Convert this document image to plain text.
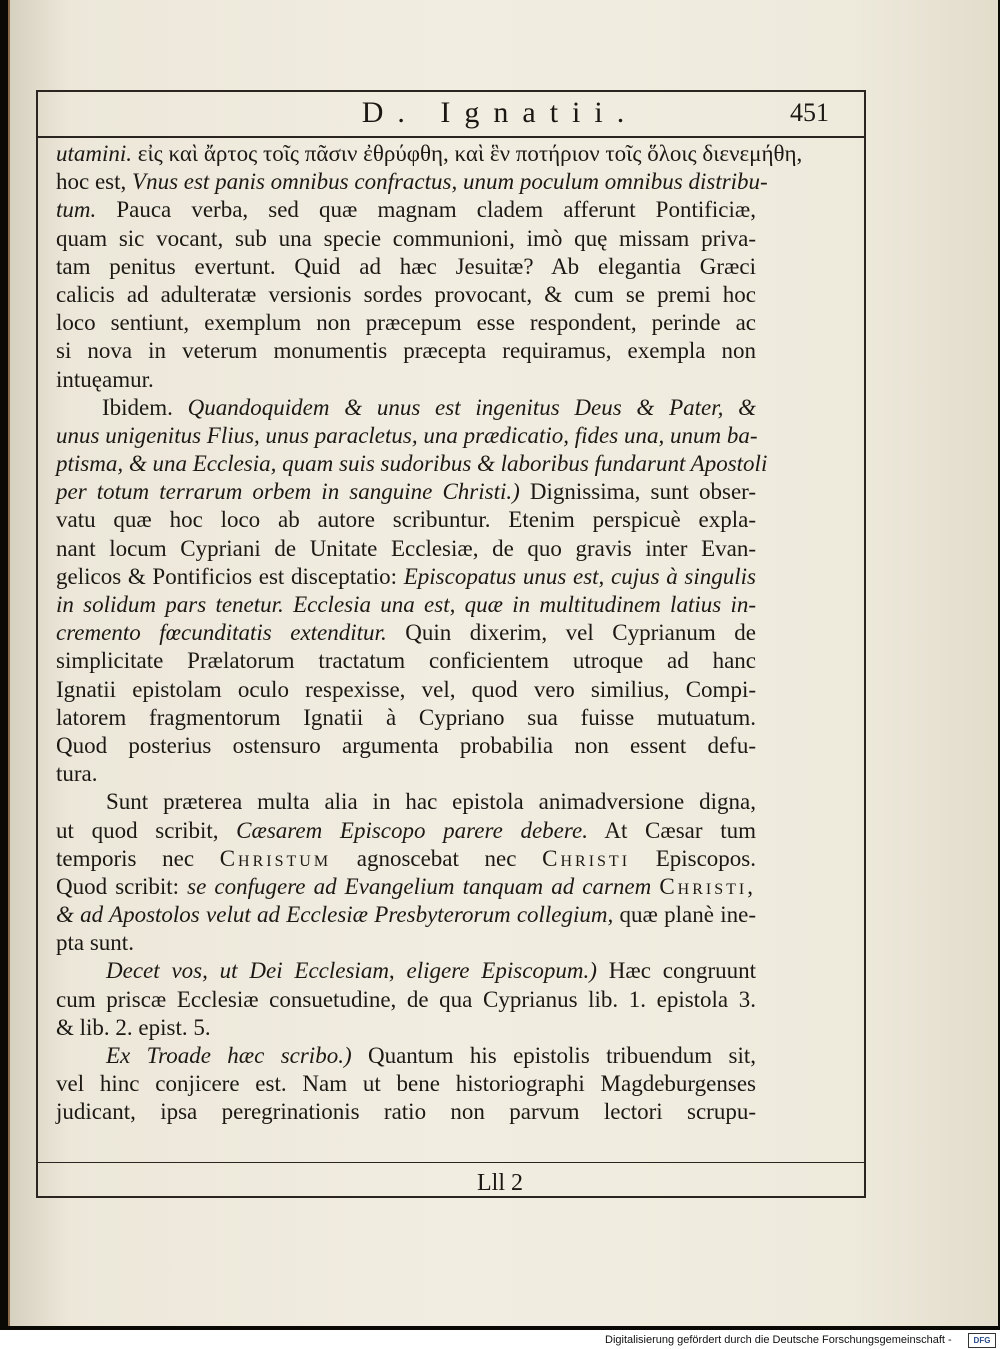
D. Ignatii.	451
utamini. εἰς καὶ ἄρτος τοῖς πᾶσιν ἐθρύφθη, καὶ ἓν ποτήριον τοῖς ὅλοις διενεμήθη,
hoc est, Vnus est panis omnibus confractus, unum poculum omnibus distribu-
tum. Pauca verba, sed quæ magnam cladem afferunt Pontificiæ,
quam sic vocant, sub una specie communioni, imò quę missam priva-
tam penitus evertunt. Quid ad hæc Jesuitæ? Ab elegantia Græci
calicis ad adulteratæ versionis sordes provocant, & cum se premi hoc
loco sentiunt, exemplum non præcepum esse respondent, perinde ac
si nova in veterum monumentis præcepta requiramus, exempla non
intuęamur.
Ibidem. Quandoquidem & unus est ingenitus Deus & Pater, &
unus unigenitus Flius, unus paracletus, una prædicatio, fides una, unum ba-
ptisma, & una Ecclesia, quam suis sudoribus & laboribus fundarunt Apostoli
per totum terrarum orbem in sanguine Christi.) Dignissima, sunt obser-
vatu quæ hoc loco ab autore scribuntur. Etenim perspicuè expla-
nant locum Cypriani de Unitate Ecclesiæ, de quo gravis inter Evan-
gelicos & Pontificios est disceptatio: Episcopatus unus est, cujus à singulis
in solidum pars tenetur. Ecclesia una est, quæ in multitudinem latius in-
cremento fœcunditatis extenditur. Quin dixerim, vel Cyprianum de
simplicitate Prælatorum tractatum conficientem utroque ad hanc
Ignatii epistolam oculo respexisse, vel, quod vero similius, Compi-
latorem fragmentorum Ignatii à Cypriano sua fuisse mutuatum.
Quod posterius ostensuro argumenta probabilia non essent defu-
tura.
Sunt præterea multa alia in hac epistola animadversione digna,
ut quod scribit, Cæsarem Episcopo parere debere. At Cæsar tum
temporis nec Christum agnoscebat nec Christi Episcopos.
Quod scribit: se confugere ad Evangelium tanquam ad carnem Christi,
& ad Apostolos velut ad Ecclesiæ Presbyterorum collegium, quæ planè ine-
pta sunt.
Decet vos, ut Dei Ecclesiam, eligere Episcopum.) Hæc congruunt
cum priscæ Ecclesiæ consuetudine, de qua Cyprianus lib. 1. epistola 3.
& lib. 2. epist. 5.
Ex Troade hæc scribo.) Quantum his epistolis tribuendum sit,
vel hinc conjicere est. Nam ut bene historiographi Magdeburgenses
judicant, ipsa peregrinationis ratio non parvum lectori scrupu-
Lll 2
Digitalisierung gefördert durch die Deutsche Forschungsgemeinschaft -	DFG
